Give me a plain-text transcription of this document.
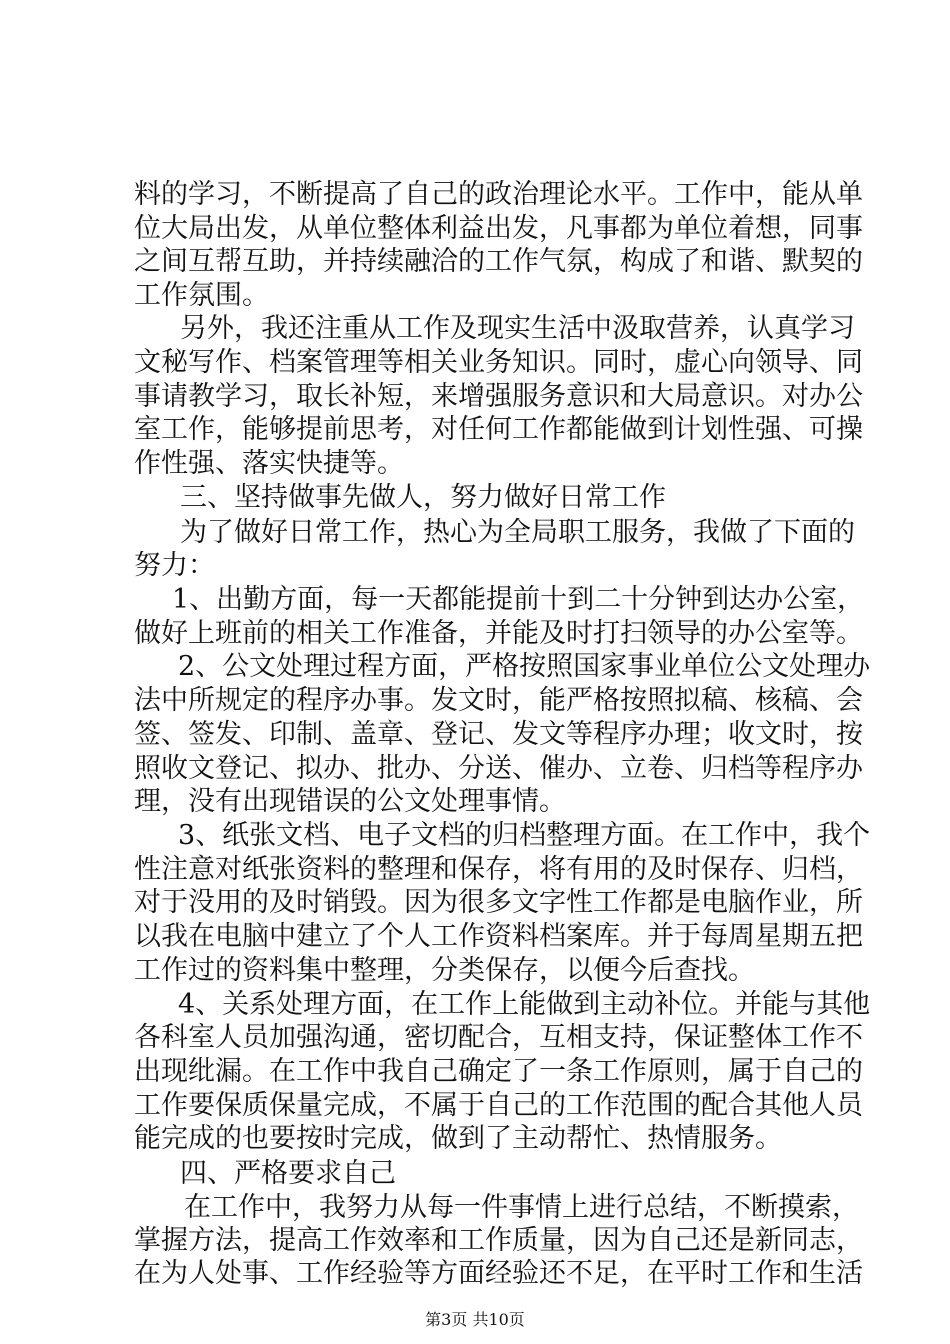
料的学习，不断提高了自己的政治理论水平。工作中，能从单
位大局出发，从单位整体利益出发，凡事都为单位着想，同事
之间互帮互助，并持续融洽的工作气氛，构成了和谐、默契的
工作氛围。
另外，我还注重从工作及现实生活中汲取营养，认真学习
文秘写作、档案管理等相关业务知识。同时，虚心向领导、同
事请教学习，取长补短，来增强服务意识和大局意识。对办公
室工作，能够提前思考，对任何工作都能做到计划性强、可操
作性强、落实快捷等。
三、坚持做事先做人，努力做好日常工作
为了做好日常工作，热心为全局职工服务，我做了下面的
努力：
1、出勤方面，每一天都能提前十到二十分钟到达办公室，
做好上班前的相关工作准备，并能及时打扫领导的办公室等。
2、公文处理过程方面，严格按照国家事业单位公文处理办
法中所规定的程序办事。发文时，能严格按照拟稿、核稿、会
签、签发、印制、盖章、登记、发文等程序办理；收文时，按
照收文登记、拟办、批办、分送、催办、立卷、归档等程序办
理，没有出现错误的公文处理事情。
3、纸张文档、电子文档的归档整理方面。在工作中，我个
性注意对纸张资料的整理和保存，将有用的及时保存、归档，
对于没用的及时销毁。因为很多文字性工作都是电脑作业，所
以我在电脑中建立了个人工作资料档案库。并于每周星期五把
工作过的资料集中整理，分类保存，以便今后查找。
4、关系处理方面，在工作上能做到主动补位。并能与其他
各科室人员加强沟通，密切配合，互相支持，保证整体工作不
出现纰漏。在工作中我自己确定了一条工作原则，属于自己的
工作要保质保量完成，不属于自己的工作范围的配合其他人员
能完成的也要按时完成，做到了主动帮忙、热情服务。
四、严格要求自己
在工作中，我努力从每一件事情上进行总结，不断摸索，
掌握方法，提高工作效率和工作质量，因为自己还是新同志，
在为人处事、工作经验等方面经验还不足，在平时工作和生活
第3页 共10页
